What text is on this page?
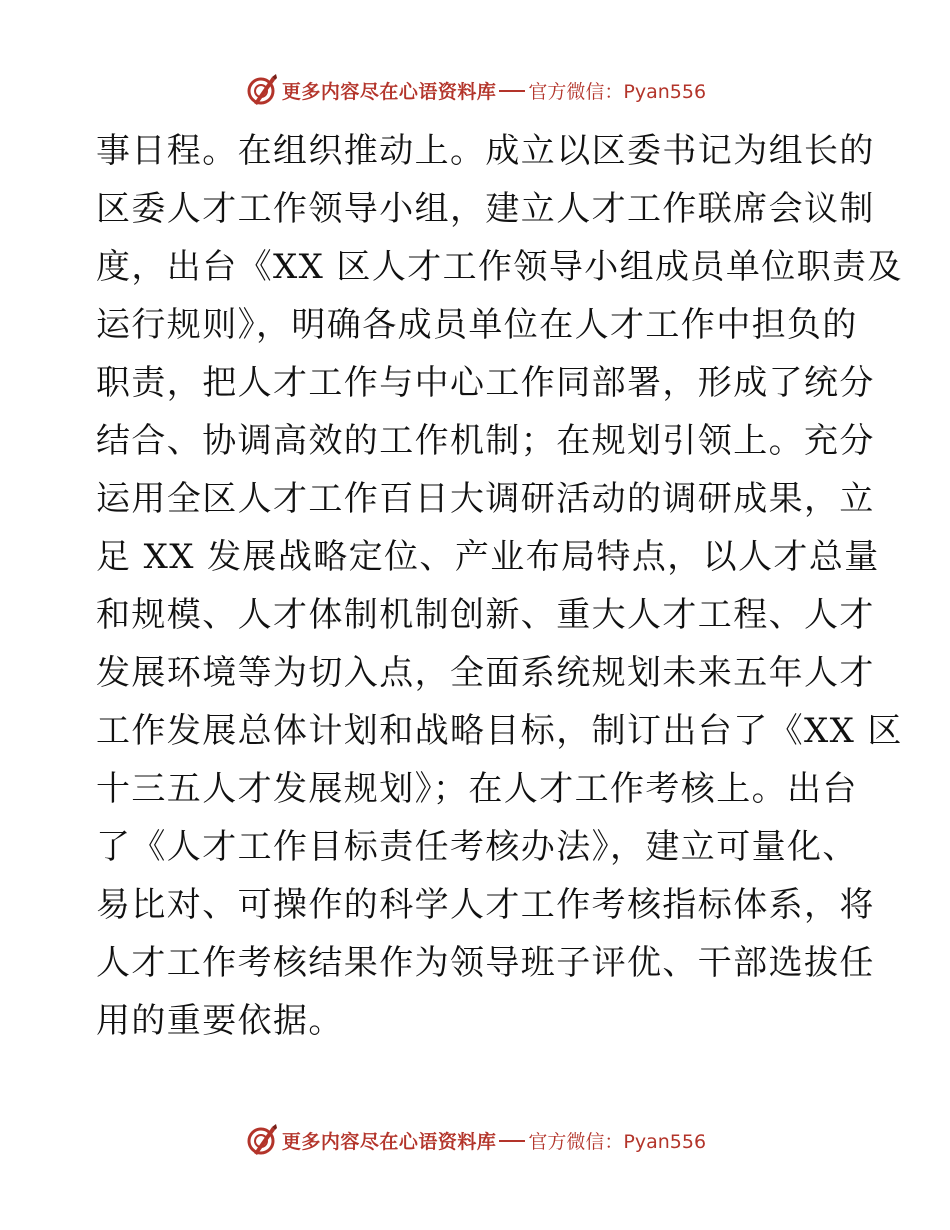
更多内容尽在心语资料库 官方微信：Pyan556
事日程。在组织推动上。成立以区委书记为组长的
区委人才工作领导小组，建立人才工作联席会议制
度，出台《XX 区人才工作领导小组成员单位职责及
运行规则》，明确各成员单位在人才工作中担负的
职责，把人才工作与中心工作同部署，形成了统分
结合、协调高效的工作机制；在规划引领上。充分
运用全区人才工作百日大调研活动的调研成果，立
足 XX 发展战略定位、产业布局特点，以人才总量
和规模、人才体制机制创新、重大人才工程、人才
发展环境等为切入点，全面系统规划未来五年人才
工作发展总体计划和战略目标，制订出台了《XX 区
十三五人才发展规划》；在人才工作考核上。出台
了《人才工作目标责任考核办法》，建立可量化、
易比对、可操作的科学人才工作考核指标体系，将
人才工作考核结果作为领导班子评优、干部选拔任
用的重要依据。
更多内容尽在心语资料库 官方微信：Pyan556
